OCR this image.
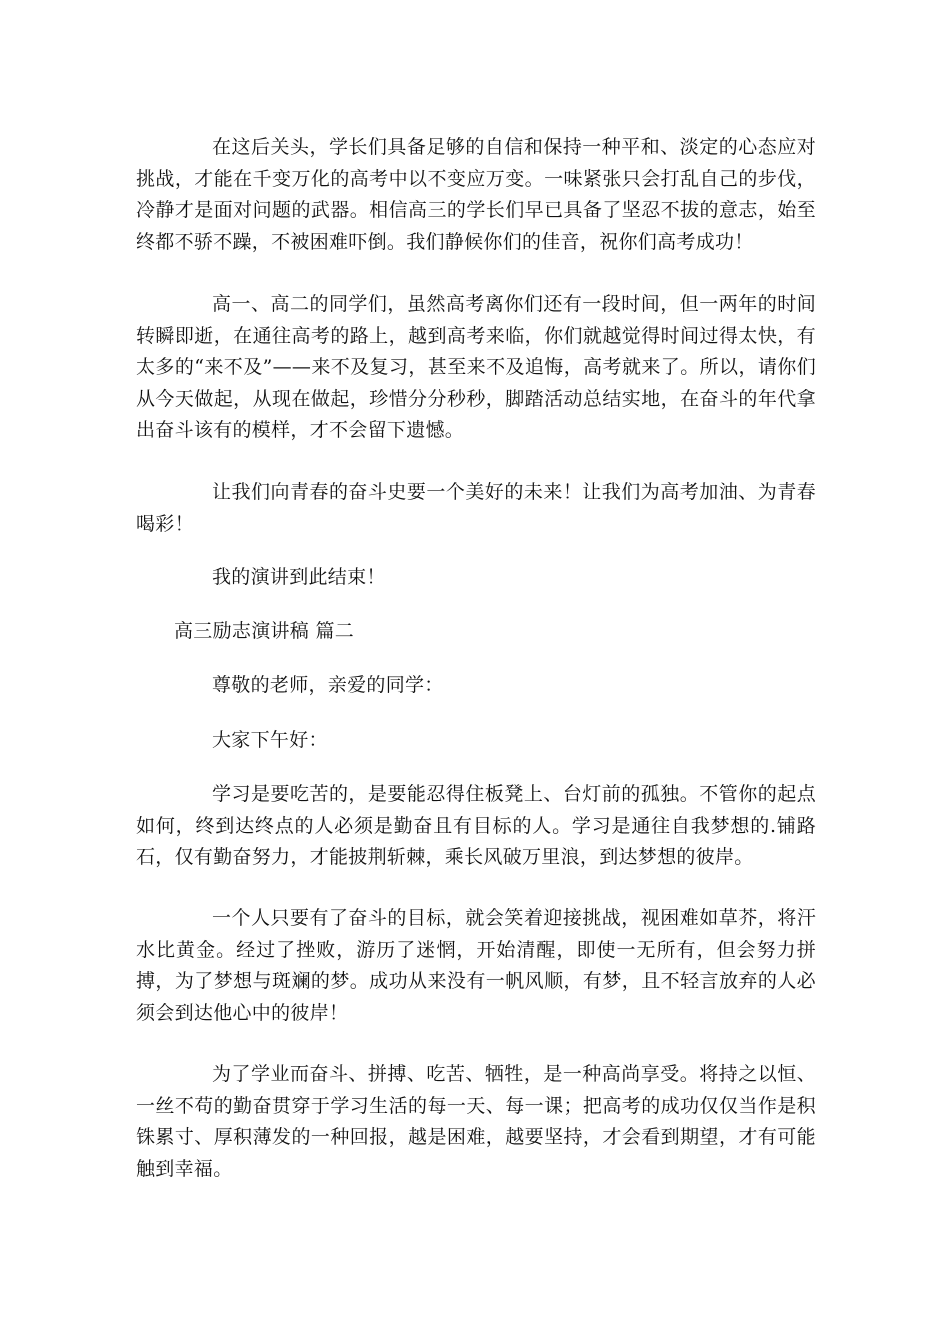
在这后关头，学长们具备足够的自信和保持一种平和、淡定的心态应对挑战，才能在千变万化的高考中以不变应万变。一味紧张只会打乱自己的步伐，冷静才是面对问题的武器。相信高三的学长们早已具备了坚忍不拔的意志，始至终都不骄不躁，不被困难吓倒。我们静候你们的佳音，祝你们高考成功！

高一、高二的同学们，虽然高考离你们还有一段时间，但一两年的时间转瞬即逝，在通往高考的路上，越到高考来临，你们就越觉得时间过得太快，有太多的“来不及”——来不及复习，甚至来不及追悔，高考就来了。所以，请你们从今天做起，从现在做起，珍惜分分秒秒，脚踏活动总结实地，在奋斗的年代拿出奋斗该有的模样，才不会留下遗憾。

让我们向青春的奋斗史要一个美好的未来！让我们为高考加油、为青春喝彩！

我的演讲到此结束！

高三励志演讲稿 篇二

尊敬的老师，亲爱的同学：

大家下午好：

学习是要吃苦的，是要能忍得住板凳上、台灯前的孤独。不管你的起点如何，终到达终点的人必须是勤奋且有目标的人。学习是通往自我梦想的.铺路石，仅有勤奋努力，才能披荆斩棘，乘长风破万里浪，到达梦想的彼岸。

一个人只要有了奋斗的目标，就会笑着迎接挑战，视困难如草芥，将汗水比黄金。经过了挫败，游历了迷惘，开始清醒，即使一无所有，但会努力拼搏，为了梦想与斑斓的梦。成功从来没有一帆风顺，有梦，且不轻言放弃的人必须会到达他心中的彼岸！

为了学业而奋斗、拼搏、吃苦、牺牲，是一种高尚享受。将持之以恒、一丝不苟的勤奋贯穿于学习生活的每一天、每一课；把高考的成功仅仅当作是积铢累寸、厚积薄发的一种回报，越是困难，越要坚持，才会看到期望，才有可能触到幸福。
